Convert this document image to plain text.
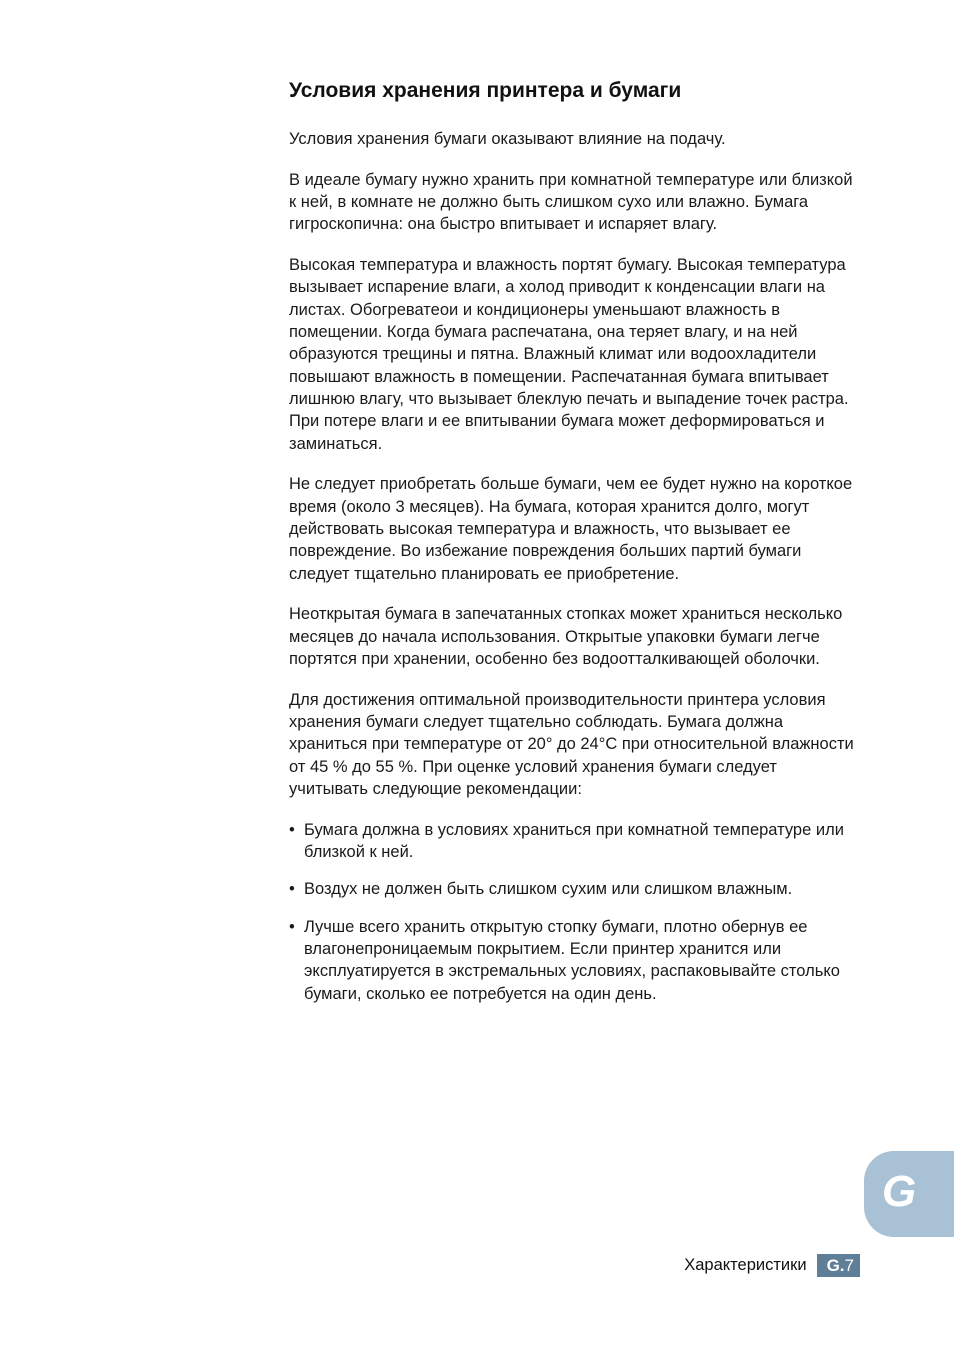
Условия хранения принтера и бумаги

Условия хранения бумаги оказывают влияние на подачу.

В идеале бумагу нужно хранить при комнатной температуре или близкой к ней, в комнате не должно быть слишком сухо или влажно. Бумага гигроскопична: она быстро впитывает и испаряет влагу.

Высокая температура и влажность портят бумагу. Высокая температура вызывает испарение влаги, а холод приводит к конденсации влаги на листах. Обогреватеои и кондиционеры уменьшают влажность в помещении. Когда бумага распечатана, она теряет влагу, и на ней образуются трещины и пятна. Влажный климат или водоохладители повышают влажность в помещении. Распечатанная бумага впитывает лишнюю влагу, что вызывает блеклую печать и выпадение точек растра. При потере влаги и ее впитывании бумага может деформироваться и заминаться.

Не следует приобретать больше бумаги, чем ее будет нужно на короткое время (около 3 месяцев). На бумага, которая хранится долго, могут действовать высокая температура и влажность, что вызывает ее повреждение. Во избежание повреждения больших партий бумаги следует тщательно планировать ее приобретение.

Неоткрытая бумага в запечатанных стопках может храниться несколько месяцев до начала использования. Открытые упаковки бумаги легче портятся при хранении, особенно без водоотталкивающей оболочки.

Для достижения оптимальной производительности принтера условия хранения бумаги следует тщательно соблюдать. Бумага должна храниться при температуре от 20° до 24°C при относительной влажности от 45 % до 55 %. При оценке условий хранения бумаги следует учитывать следующие рекомендации:

• Бумага должна в условиях храниться при комнатной температуре или близкой к ней.
• Воздух не должен быть слишком сухим или слишком влажным.
• Лучше всего хранить открытую стопку бумаги, плотно обернув ее влагонепроницаемым покрытием. Если принтер хранится или эксплуатируется в экстремальных условиях, распаковывайте столько бумаги, сколько ее потребуется на один день.
G
Характеристики G. 7
